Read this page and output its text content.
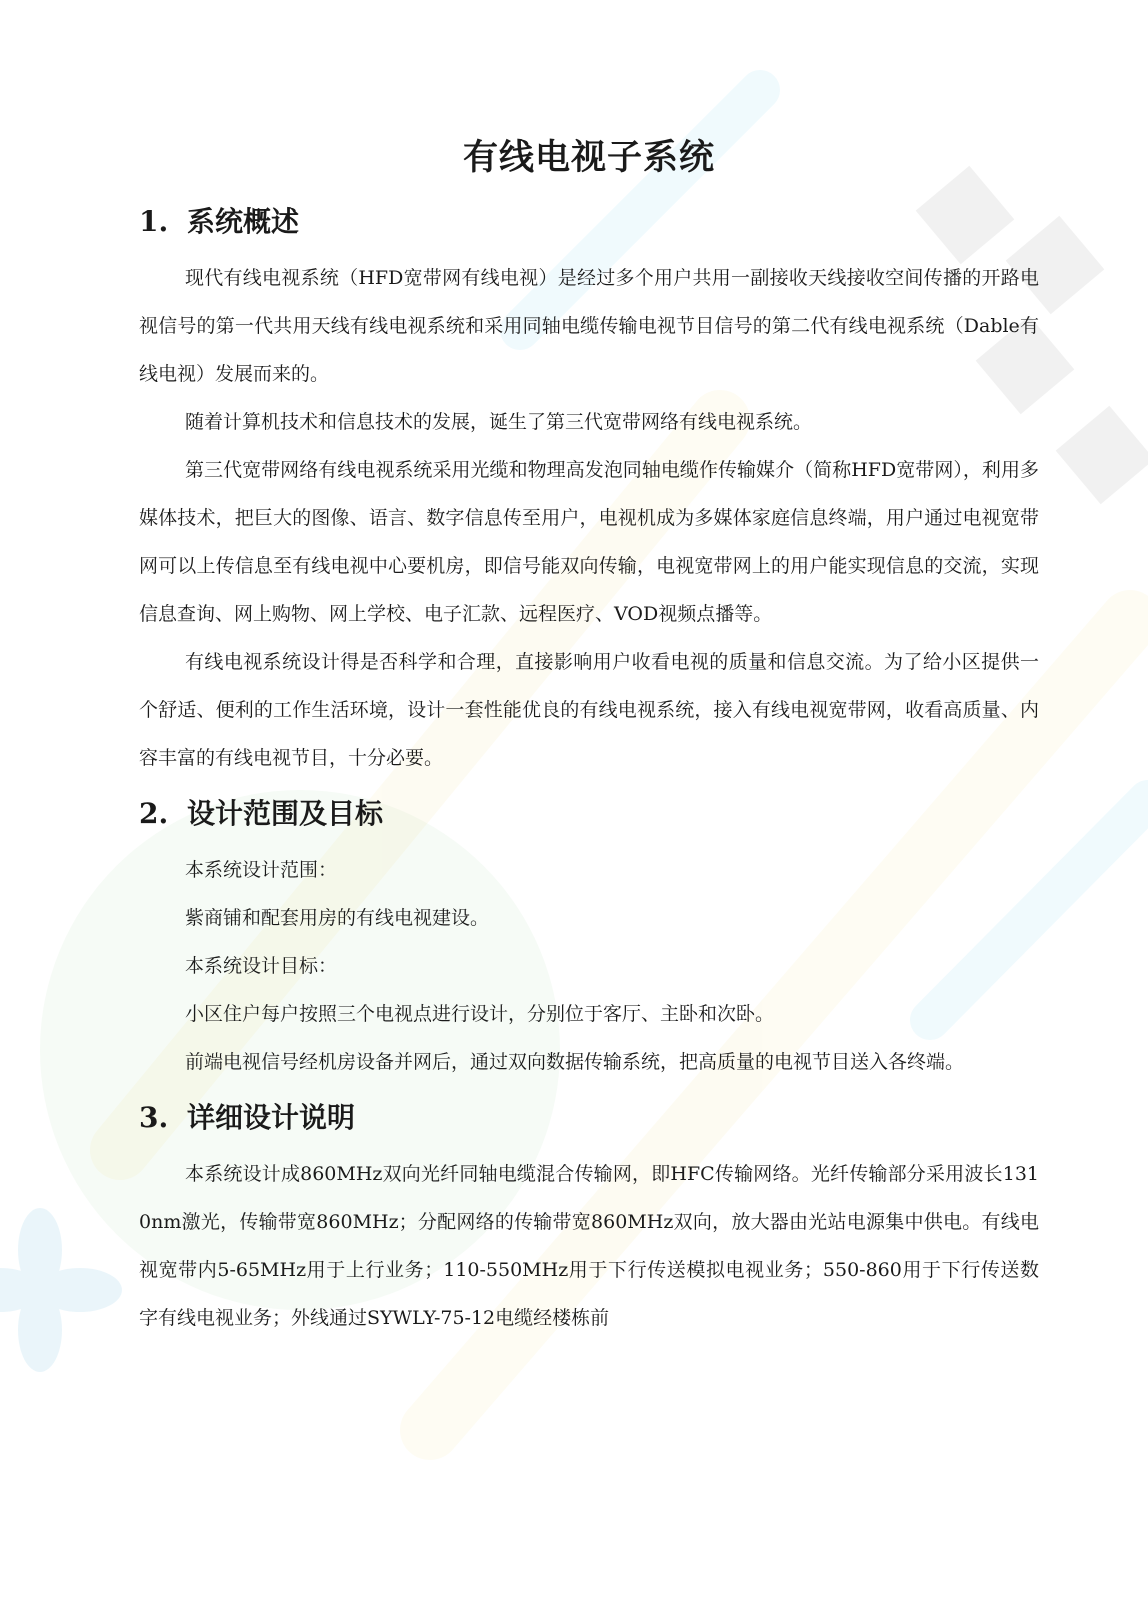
有线电视子系统
1. 系统概述

现代有线电视系统（HFD宽带网有线电视）是经过多个用户共用一副接收天线接收空间传播的开路电视信号的第一代共用天线有线电视系统和采用同轴电缆传输电视节目信号的第二代有线电视系统（Dable有线电视）发展而来的。

随着计算机技术和信息技术的发展，诞生了第三代宽带网络有线电视系统。

第三代宽带网络有线电视系统采用光缆和物理高发泡同轴电缆作传输媒介（简称HFD宽带网），利用多媒体技术，把巨大的图像、语言、数字信息传至用户，电视机成为多媒体家庭信息终端，用户通过电视宽带网可以上传信息至有线电视中心要机房，即信号能双向传输，电视宽带网上的用户能实现信息的交流，实现信息查询、网上购物、网上学校、电子汇款、远程医疗、VOD视频点播等。

有线电视系统设计得是否科学和合理，直接影响用户收看电视的质量和信息交流。为了给小区提供一个舒适、便利的工作生活环境，设计一套性能优良的有线电视系统，接入有线电视宽带网，收看高质量、内容丰富的有线电视节目，十分必要。

2. 设计范围及目标

本系统设计范围：

紫商铺和配套用房的有线电视建设。

本系统设计目标：

小区住户每户按照三个电视点进行设计，分别位于客厅、主卧和次卧。

前端电视信号经机房设备并网后，通过双向数据传输系统，把高质量的电视节目送入各终端。

3. 详细设计说明

本系统设计成860MHz双向光纤同轴电缆混合传输网，即HFC传输网络。光纤传输部分采用波长1310nm激光，传输带宽860MHz；分配网络的传输带宽860MHz双向，放大器由光站电源集中供电。有线电视宽带内5-65MHz用于上行业务；110-550MHz用于下行传送模拟电视业务；550-860用于下行传送数字有线电视业务；外线通过SYWLY-75-12电缆经楼栋前
